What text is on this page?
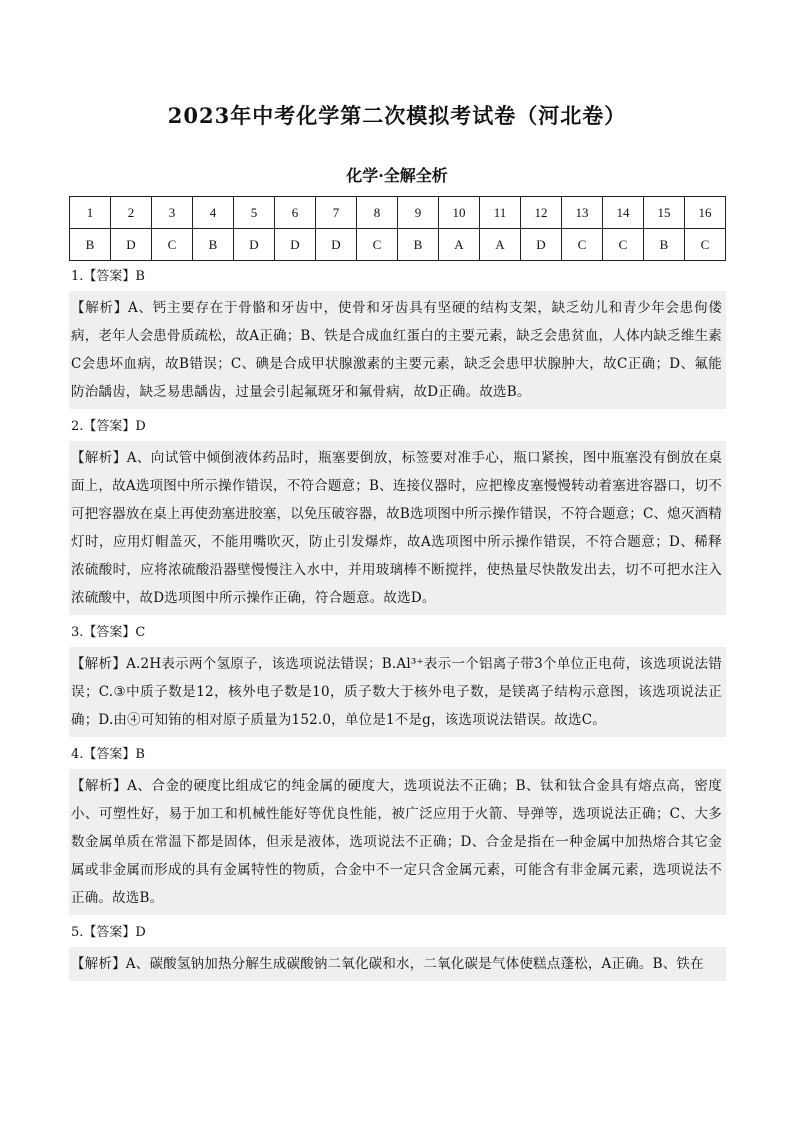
2023年中考化学第二次模拟考试卷（河北卷）
化学·全解全析
1	2	3	4	5	6	7	8	9	10	11	12	13	14	15	16
B	D	C	B	D	D	D	C	B	A	A	D	C	C	B	C
1.【答案】B
【解析】A、钙主要存在于骨骼和牙齿中，使骨和牙齿具有坚硬的结构支架，缺乏幼儿和青少年会患佝偻病，老年人会患骨质疏松，故A正确；B、铁是合成血红蛋白的主要元素，缺乏会患贫血，人体内缺乏维生素C会患坏血病，故B错误；C、碘是合成甲状腺激素的主要元素，缺乏会患甲状腺肿大，故C正确；D、氟能防治龋齿，缺乏易患龋齿，过量会引起氟斑牙和氟骨病，故D正确。故选B。
2.【答案】D
【解析】A、向试管中倾倒液体药品时，瓶塞要倒放，标签要对准手心，瓶口紧挨，图中瓶塞没有倒放在桌面上，故A选项图中所示操作错误，不符合题意；B、连接仪器时，应把橡皮塞慢慢转动着塞进容器口，切不可把容器放在桌上再使劲塞进胶塞，以免压破容器，故B选项图中所示操作错误，不符合题意；C、熄灭酒精灯时，应用灯帽盖灭，不能用嘴吹灭，防止引发爆炸，故A选项图中所示操作错误，不符合题意；D、稀释浓硫酸时，应将浓硫酸沿器壁慢慢注入水中，并用玻璃棒不断搅拌，使热量尽快散发出去，切不可把水注入浓硫酸中，故D选项图中所示操作正确，符合题意。故选D。
3.【答案】C
【解析】A.2H表示两个氢原子，该选项说法错误；B.Al³⁺表示一个铝离子带3个单位正电荷，该选项说法错误；C.③中质子数是12，核外电子数是10，质子数大于核外电子数，是镁离子结构示意图，该选项说法正确；D.由④可知铕的相对原子质量为152.0，单位是1不是g，该选项说法错误。故选C。
4.【答案】B
【解析】A、合金的硬度比组成它的纯金属的硬度大，选项说法不正确；B、钛和钛合金具有熔点高，密度小、可塑性好，易于加工和机械性能好等优良性能，被广泛应用于火箭、导弹等，选项说法正确；C、大多数金属单质在常温下都是固体，但汞是液体，选项说法不正确；D、合金是指在一种金属中加热熔合其它金属或非金属而形成的具有金属特性的物质，合金中不一定只含金属元素，可能含有非金属元素，选项说法不正确。故选B。
5.【答案】D
【解析】A、碳酸氢钠加热分解生成碳酸钠二氧化碳和水，二氧化碳是气体使糕点蓬松，A正确。B、铁在
